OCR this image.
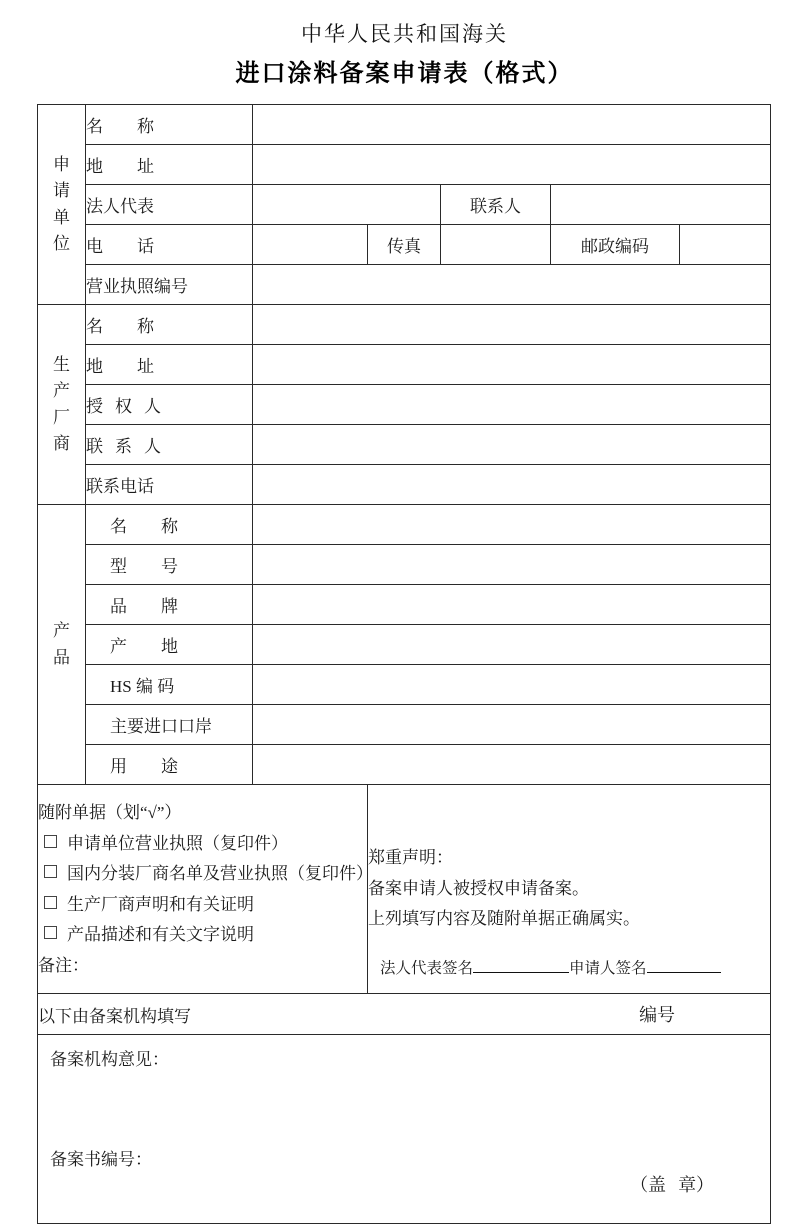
中华人民共和国海关
进口涂料备案申请表（格式）
申
请
单
位	名 称					
	地 址					
	法人代表			联系人		
	电 话		传真		邮政编码	
	营业执照编号					

生
产
厂
商	名 称					
	地 址					
	授 权 人					
	联 系 人					
	联系电话					

产
品	名 称					
	型 号					
	品 牌					
	产 地					
	HS 编 码					
	主要进口口岸					
	用 途					

随附单据（划“√”）
申请单位营业执照（复印件）
国内分装厂商名单及营业执照（复印件）
生产厂商声明和有关证明
产品描述和有关文字说明
备注：

郑重声明：
备案申请人被授权申请备案。
上列填写内容及随附单据正确属实。
法人代表签名	申请人签名

以下由备案机构填写 编号						

备案机构意见：
备案书编号：
（盖 章）						
